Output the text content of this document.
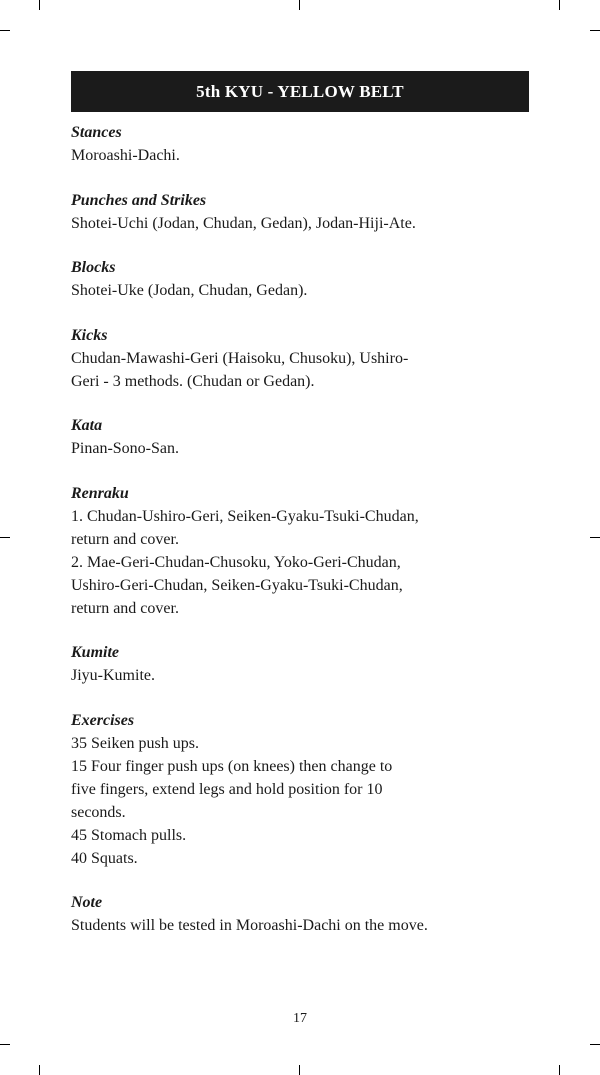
5th KYU - YELLOW BELT
Stances
Moroashi-Dachi.
Punches and Strikes
Shotei-Uchi (Jodan, Chudan, Gedan), Jodan-Hiji-Ate.
Blocks
Shotei-Uke (Jodan, Chudan, Gedan).
Kicks
Chudan-Mawashi-Geri (Haisoku, Chusoku), Ushiro-
Geri - 3 methods. (Chudan or Gedan).
Kata
Pinan-Sono-San.
Renraku
1. Chudan-Ushiro-Geri, Seiken-Gyaku-Tsuki-Chudan,
return and cover.
2. Mae-Geri-Chudan-Chusoku, Yoko-Geri-Chudan,
Ushiro-Geri-Chudan, Seiken-Gyaku-Tsuki-Chudan,
return and cover.
Kumite
Jiyu-Kumite.
Exercises
35 Seiken push ups.
15 Four finger push ups (on knees) then change to
five fingers, extend legs and hold position for 10
seconds.
45 Stomach pulls.
40 Squats.
Note
Students will be tested in Moroashi-Dachi on the move.
17
